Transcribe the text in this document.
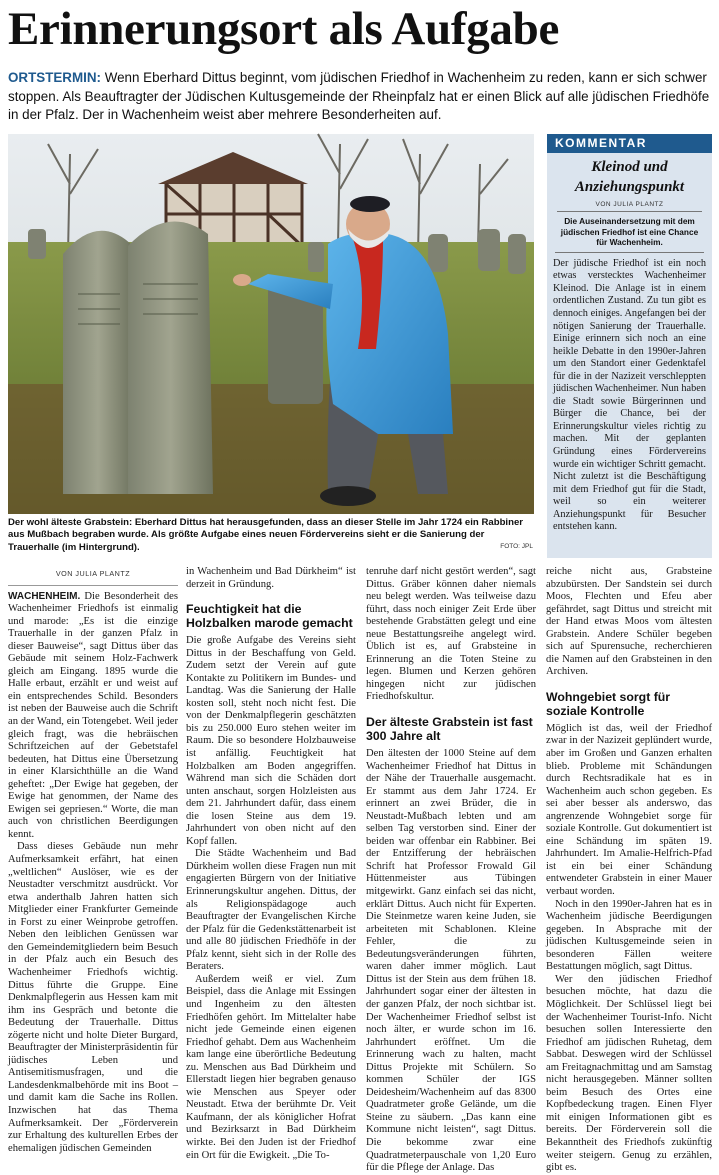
Erinnerungsort als Aufgabe
ORTSTERMIN: Wenn Eberhard Dittus beginnt, vom jüdischen Friedhof in Wachenheim zu reden, kann er sich schwer stoppen. Als Beauftragter der Jüdischen Kultusgemeinde der Rheinpfalz hat er einen Blick auf alle jüdischen Friedhöfe in der Pfalz. Der in Wachenheim weist aber mehrere Besonderheiten auf.
Der wohl älteste Grabstein: Eberhard Dittus hat herausgefunden, dass an dieser Stelle im Jahr 1724 ein Rabbiner aus Mußbach begraben wurde. Als größte Aufgabe eines neuen Fördervereins sieht er die Sanierung der Trauerhalle (im Hintergrund).	FOTO: JPL
KOMMENTAR
Kleinod und
Anziehungspunkt
VON JULIA PLANTZ
Die Auseinandersetzung mit dem jüdischen Friedhof ist eine Chance für Wachenheim.
Der jüdische Friedhof ist ein noch etwas verstecktes Wachenheimer Kleinod. Die Anlage ist in einem ordentlichen Zustand. Zu tun gibt es dennoch einiges. Angefangen bei der nötigen Sanierung der Trauerhalle. Einige erinnern sich noch an eine heikle Debatte in den 1990er-Jahren um den Standort einer Gedenktafel für die in der Nazizeit verschleppten jüdischen Wachenheimer. Nun haben die Stadt sowie Bürgerinnen und Bürger die Chance, bei der Erinnerungskultur vieles richtig zu machen. Mit der geplanten Gründung eines Fördervereins wurde ein wichtiger Schritt gemacht. Nicht zuletzt ist die Beschäftigung mit dem Friedhof gut für die Stadt, weil so ein weiterer Anziehungspunkt für Besucher entstehen kann.
VON JULIA PLANTZ

WACHENHEIM. Die Besonderheit des Wachenheimer Friedhofs ist einmalig und marode: „Es ist die einzige Trauerhalle in der ganzen Pfalz in dieser Bauweise“, sagt Dittus über das Gebäude mit seinem Holz-Fachwerk gleich am Eingang. 1895 wurde die Halle erbaut, erzählt er und weist auf ein entsprechendes Schild. Besonders ist neben der Bauweise auch die Schrift an der Wand, ein Totengebet. Weil jeder gleich fragt, was die hebräischen Schriftzeichen auf der Gebetstafel bedeuten, hat Dittus eine Übersetzung in einer Klarsichthülle an die Wand geheftet: „Der Ewige hat gegeben, der Ewige hat genommen, der Name des Ewigen sei gepriesen.“ Worte, die man auch von christlichen Beerdigungen kennt.

Dass dieses Gebäude nun mehr Aufmerksamkeit erfährt, hat einen „weltlichen“ Auslöser, wie es der Neustadter verschmitzt ausdrückt. Vor etwa anderthalb Jahren hatten sich Mitglieder einer Frankfurter Gemeinde in Forst zu einer Weinprobe getroffen. Neben den leiblichen Genüssen war den Gemeindemitgliedern beim Besuch in der Pfalz auch ein Besuch des Wachenheimer Friedhofs wichtig. Dittus führte die Gruppe. Eine Denkmalpflegerin aus Hessen kam mit ihm ins Gespräch und betonte die Bedeutung der Trauerhalle. Dittus zögerte nicht und holte Dieter Burgard, Beauftragter der Ministerpräsidentin für jüdisches Leben und Antisemitismusfragen, und die Landesdenkmalbehörde mit ins Boot – und damit kam die Sache ins Rollen. Inzwischen hat das Thema Aufmerksamkeit. Der „Förderverein zur Erhaltung des kulturellen Erbes der ehemaligen jüdischen Gemeinden

in Wachenheim und Bad Dürkheim“ ist derzeit in Gründung.

Feuchtigkeit hat die Holzbalken marode gemacht

Die große Aufgabe des Vereins sieht Dittus in der Beschaffung von Geld. Zudem setzt der Verein auf gute Kontakte zu Politikern im Bundes- und Landtag. Was die Sanierung der Halle kosten soll, steht noch nicht fest. Die von der Denkmalpflegerin geschätzten bis zu 250.000 Euro stehen weiter im Raum. Die so besondere Holzbauweise ist anfällig. Feuchtigkeit hat Holzbalken am Boden angegriffen. Während man sich die Schäden dort unten anschaut, sorgen Holzleisten aus dem 21. Jahrhundert dafür, dass einem die losen Steine aus dem 19. Jahrhundert von oben nicht auf den Kopf fallen.

Die Städte Wachenheim und Bad Dürkheim wollen diese Fragen nun mit engagierten Bürgern von der Initiative Erinnerungskultur angehen. Dittus, der als Religionspädagoge auch Beauftragter der Evangelischen Kirche der Pfalz für die Gedenkstättenarbeit ist und alle 80 jüdischen Friedhöfe in der Pfalz kennt, sieht sich in der Rolle des Beraters.

Außerdem weiß er viel. Zum Beispiel, dass die Anlage mit Essingen und Ingenheim zu den ältesten Friedhöfen gehört. Im Mittelalter habe nicht jede Gemeinde einen eigenen Friedhof gehabt. Dem aus Wachenheim kam lange eine überörtliche Bedeutung zu. Menschen aus Bad Dürkheim und Ellerstadt liegen hier begraben genauso wie Menschen aus Speyer oder Neustadt. Etwa der berühmte Dr. Veit Kaufmann, der als königlicher Hofrat und Bezirksarzt in Bad Dürkheim wirkte. Bei den Juden ist der Friedhof ein Ort für die Ewigkeit. „Die To-

tenruhe darf nicht gestört werden“, sagt Dittus. Gräber können daher niemals neu belegt werden. Was teilweise dazu führt, dass noch einiger Zeit Erde über bestehende Grabstätten gelegt und eine neue Bestattungsreihe angelegt wird. Üblich ist es, auf Grabsteine in Erinnerung an die Toten Steine zu legen. Blumen und Kerzen gehören hingegen nicht zur jüdischen Friedhofskultur.

Der älteste Grabstein ist fast 300 Jahre alt

Den ältesten der 1000 Steine auf dem Wachenheimer Friedhof hat Dittus in der Nähe der Trauerhalle ausgemacht. Er stammt aus dem Jahr 1724. Er erinnert an zwei Brüder, die in Neustadt-Mußbach lebten und am selben Tag verstorben sind. Einer der beiden war offenbar ein Rabbiner. Bei der Entzifferung der hebräischen Schrift hat Professor Frowald Gil Hüttenmeister aus Tübingen mitgewirkt. Ganz einfach sei das nicht, erklärt Dittus. Auch nicht für Experten. Die Steinmetze waren keine Juden, sie arbeiteten mit Schablonen. Kleine Fehler, die zu Bedeutungsveränderungen führten, waren daher immer möglich. Laut Dittus ist der Stein aus dem frühen 18. Jahrhundert sogar einer der ältesten in der ganzen Pfalz, der noch sichtbar ist. Der Wachenheimer Friedhof selbst ist noch älter, er wurde schon im 16. Jahrhundert eröffnet. Um die Erinnerung wach zu halten, macht Dittus Projekte mit Schülern. So kommen Schüler der IGS Deidesheim/Wachenheim auf das 8300 Quadratmeter große Gelände, um die Steine zu säubern. „Das kann eine Kommune nicht leisten“, sagt Dittus. Die bekomme zwar eine Quadratmeterpauschale von 1,20 Euro für die Pflege der Anlage. Das

reiche nicht aus, Grabsteine abzubürsten. Der Sandstein sei durch Moos, Flechten und Efeu aber gefährdet, sagt Dittus und streicht mit der Hand etwas Moos vom ältesten Grabstein. Andere Schüler begeben sich auf Spurensuche, recherchieren die Namen auf den Grabsteinen in den Archiven.

Wohngebiet sorgt für soziale Kontrolle

Möglich ist das, weil der Friedhof zwar in der Nazizeit geplündert wurde, aber im Großen und Ganzen erhalten blieb. Probleme mit Schändungen durch Rechtsradikale hat es in Wachenheim auch schon gegeben. Es sei aber besser als anderswo, das angrenzende Wohngebiet sorge für soziale Kontrolle. Gut dokumentiert ist eine Schändung im späten 19. Jahrhundert. Im Amalie-Helfrich-Pfad ist ein bei einer Schändung entwendeter Grabstein in einer Mauer verbaut worden.

Noch in den 1990er-Jahren hat es in Wachenheim jüdische Beerdigungen gegeben. In Absprache mit der jüdischen Kultusgemeinde seien in besonderen Fällen weitere Bestattungen möglich, sagt Dittus.

Wer den jüdischen Friedhof besuchen möchte, hat dazu die Möglichkeit. Der Schlüssel liegt bei der Wachenheimer Tourist-Info. Nicht besuchen sollen Interessierte den Friedhof am jüdischen Ruhetag, dem Sabbat. Deswegen wird der Schlüssel am Freitagnachmittag und am Samstag nicht herausgegeben. Männer sollten beim Besuch des Ortes eine Kopfbedeckung tragen. Einen Flyer mit einigen Informationen gibt es bereits. Der Förderverein soll die Bekanntheit des Friedhofs zukünftig weiter steigern. Genug zu erzählen, gibt es.
